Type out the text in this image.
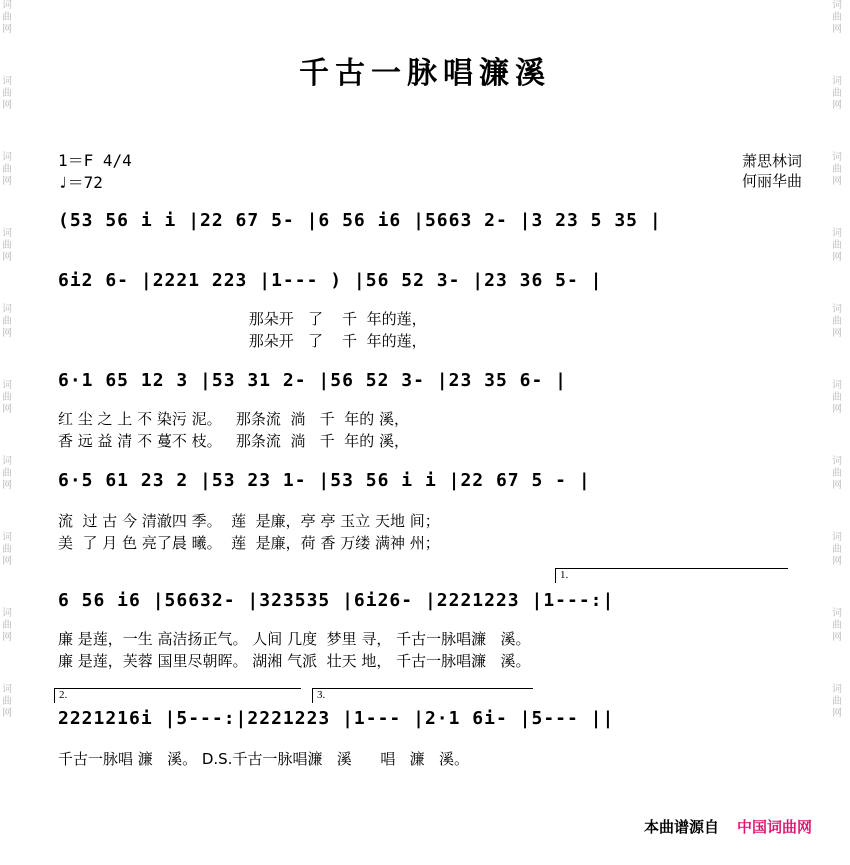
词曲网
词曲网
词曲网
词曲网
词曲网
词曲网
词曲网
词曲网
词曲网
词曲网
词曲网
词曲网
词曲网
词曲网
词曲网
词曲网
词曲网
词曲网
词曲网
词曲网
千古一脉唱濂溪
1＝F 4/4
♩＝72
萧思林词
何丽华曲
(53 56 i i |22 67 5- |6 56 i6 |5663 2- |3 23 5 35 |
6i2 6- |2221 223 |1--- ) |56 52 3- |23 36 5- |
那朵开   了    千  年的莲，
那朵开   了    千  年的莲，
6·1 65 12 3 |53 31 2- |56 52 3- |23 35 6- |
红 尘 之 上 不 染污 泥。   那条流  淌   千  年的 溪，
香 远 益 清 不 蔓不 枝。   那条流  淌   千  年的 溪，
6·5 61 23 2 |53 23 1- |53 56 i i |22 67 5 - |
流  过 古 今 清澈四 季。  莲  是廉，亭 亭 玉立 天地 间；
美  了 月 色 亮了晨 曦。  莲  是廉，荷 香 万缕 满神 州；
1.
6 56 i6 |56632- |323535 |6i26- |2221223 |1---:|
廉 是莲，一生 高洁扬正气。 人间 几度  梦里 寻， 千古一脉唱濂   溪。
廉 是莲，芙蓉 国里尽朝晖。 湖湘 气派  壮天 地， 千古一脉唱濂   溪。
2.	3.
2221216i |5---:|2221223 |1--- |2·1 6i- |5--- ||
千古一脉唱 濂   溪。 D.S.千古一脉唱濂   溪      唱   濂   溪。
本曲谱源自 中国词曲网
